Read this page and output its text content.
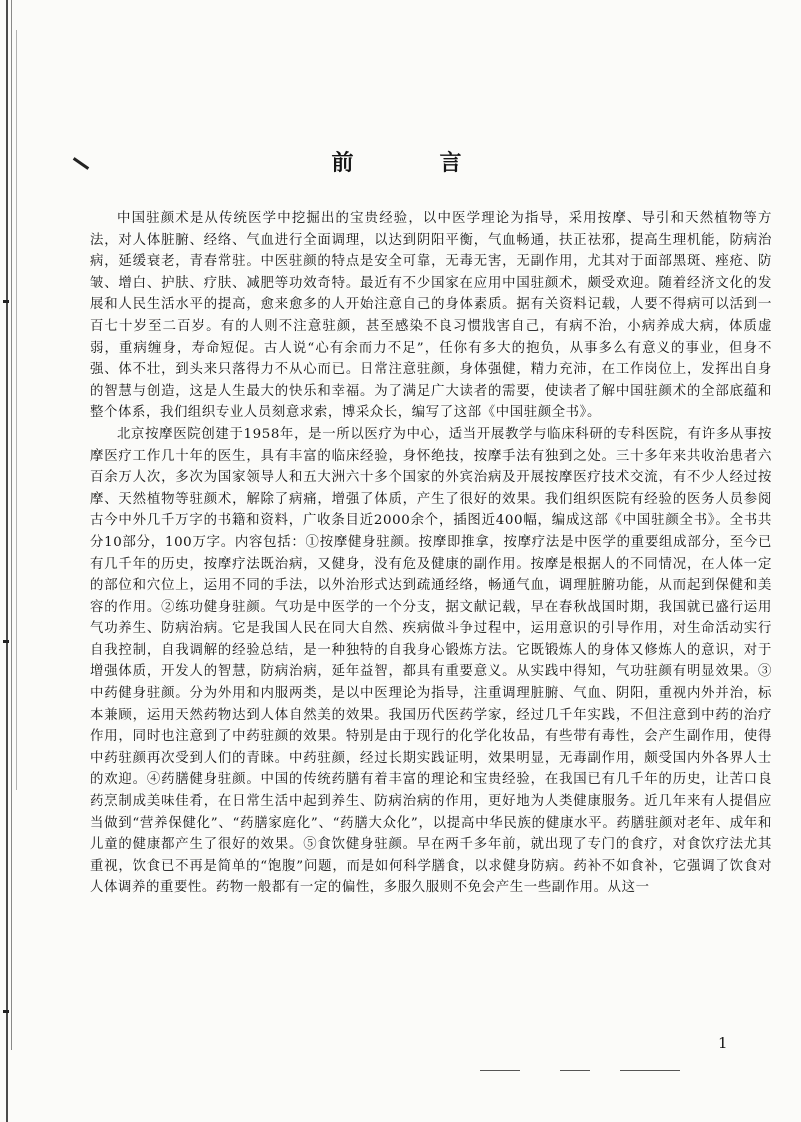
前　言

中国驻颜术是从传统医学中挖掘出的宝贵经验，以中医学理论为指导，采用按摩、导引和天然植物等方法，对人体脏腑、经络、气血进行全面调理，以达到阴阳平衡，气血畅通，扶正祛邪，提高生理机能，防病治病，延缓衰老，青春常驻。中医驻颜的特点是安全可靠，无毒无害，无副作用，尤其对于面部黑斑、痤疮、防皱、增白、护肤、疗肤、减肥等功效奇特。最近有不少国家在应用中国驻颜术，颇受欢迎。随着经济文化的发展和人民生活水平的提高，愈来愈多的人开始注意自己的身体素质。据有关资料记载，人要不得病可以活到一百七十岁至二百岁。有的人则不注意驻颜，甚至感染不良习惯戕害自己，有病不治，小病养成大病，体质虚弱，重病缠身，寿命短促。古人说“心有余而力不足”，任你有多大的抱负，从事多么有意义的事业，但身不强、体不壮，到头来只落得力不从心而已。日常注意驻颜，身体强健，精力充沛，在工作岗位上，发挥出自身的智慧与创造，这是人生最大的快乐和幸福。为了满足广大读者的需要，使读者了解中国驻颜术的全部底蕴和整个体系，我们组织专业人员刻意求索，博采众长，编写了这部《中国驻颜全书》。

北京按摩医院创建于1958年，是一所以医疗为中心，适当开展教学与临床科研的专科医院，有许多从事按摩医疗工作几十年的医生，具有丰富的临床经验，身怀绝技，按摩手法有独到之处。三十多年来共收治患者六百余万人次，多次为国家领导人和五大洲六十多个国家的外宾治病及开展按摩医疗技术交流，有不少人经过按摩、天然植物等驻颜术，解除了病痛，增强了体质，产生了很好的效果。我们组织医院有经验的医务人员参阅古今中外几千万字的书籍和资料，广收条目近2000余个，插图近400幅，编成这部《中国驻颜全书》。全书共分10部分，100万字。内容包括：①按摩健身驻颜。按摩即推拿，按摩疗法是中医学的重要组成部分，至今已有几千年的历史，按摩疗法既治病，又健身，没有危及健康的副作用。按摩是根据人的不同情况，在人体一定的部位和穴位上，运用不同的手法，以外治形式达到疏通经络，畅通气血，调理脏腑功能，从而起到保健和美容的作用。②练功健身驻颜。气功是中医学的一个分支，据文献记载，早在春秋战国时期，我国就已盛行运用气功养生、防病治病。它是我国人民在同大自然、疾病做斗争过程中，运用意识的引导作用，对生命活动实行自我控制，自我调解的经验总结，是一种独特的自我身心锻炼方法。它既锻炼人的身体又修炼人的意识，对于增强体质，开发人的智慧，防病治病，延年益智，都具有重要意义。从实践中得知，气功驻颜有明显效果。③中药健身驻颜。分为外用和内服两类，是以中医理论为指导，注重调理脏腑、气血、阴阳，重视内外并治，标本兼顾，运用天然药物达到人体自然美的效果。我国历代医药学家，经过几千年实践，不但注意到中药的治疗作用，同时也注意到了中药驻颜的效果。特别是由于现行的化学化妆品，有些带有毒性，会产生副作用，使得中药驻颜再次受到人们的青睐。中药驻颜，经过长期实践证明，效果明显，无毒副作用，颇受国内外各界人士的欢迎。④药膳健身驻颜。中国的传统药膳有着丰富的理论和宝贵经验，在我国已有几千年的历史，让苦口良药烹制成美味佳肴，在日常生活中起到养生、防病治病的作用，更好地为人类健康服务。近几年来有人提倡应当做到“营养保健化”、“药膳家庭化”、“药膳大众化”，以提高中华民族的健康水平。药膳驻颜对老年、成年和儿童的健康都产生了很好的效果。⑤食饮健身驻颜。早在两千多年前，就出现了专门的食疗，对食饮疗法尤其重视，饮食已不再是简单的“饱腹”问题，而是如何科学膳食，以求健身防病。药补不如食补，它强调了饮食对人体调养的重要性。药物一般都有一定的偏性，多服久服则不免会产生一些副作用。从这一

1
